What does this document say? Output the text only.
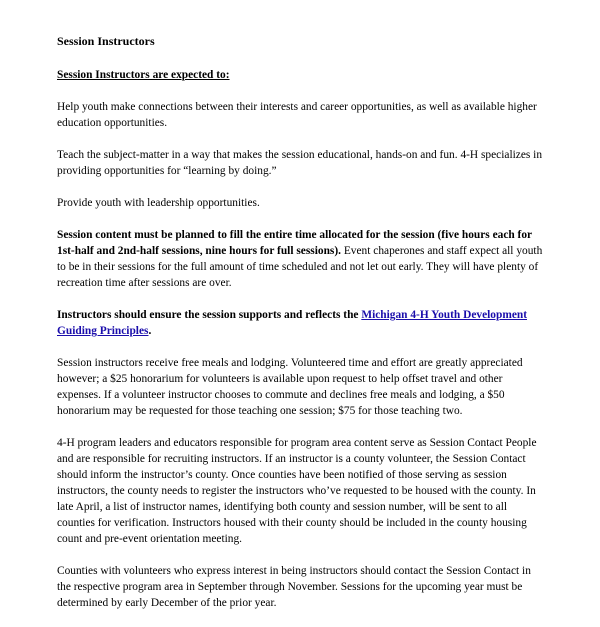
Session Instructors
Session Instructors are expected to:

Help youth make connections between their interests and career opportunities, as well as available higher education opportunities.

Teach the subject-matter in a way that makes the session educational, hands-on and fun. 4-H specializes in providing opportunities for “learning by doing.”

Provide youth with leadership opportunities.

Session content must be planned to fill the entire time allocated for the session (five hours each for 1st-half and 2nd-half sessions, nine hours for full sessions). Event chaperones and staff expect all youth to be in their sessions for the full amount of time scheduled and not let out early. They will have plenty of recreation time after sessions are over.

Instructors should ensure the session supports and reflects the Michigan 4-H Youth Development Guiding Principles.

Session instructors receive free meals and lodging. Volunteered time and effort are greatly appreciated however; a $25 honorarium for volunteers is available upon request to help offset travel and other expenses. If a volunteer instructor chooses to commute and declines free meals and lodging, a $50 honorarium may be requested for those teaching one session; $75 for those teaching two.

4-H program leaders and educators responsible for program area content serve as Session Contact People and are responsible for recruiting instructors. If an instructor is a county volunteer, the Session Contact should inform the instructor’s county. Once counties have been notified of those serving as session instructors, the county needs to register the instructors who’ve requested to be housed with the county. In late April, a list of instructor names, identifying both county and session number, will be sent to all counties for verification. Instructors housed with their county should be included in the county housing count and pre-event orientation meeting.

Counties with volunteers who express interest in being instructors should contact the Session Contact in the respective program area in September through November. Sessions for the upcoming year must be determined by early December of the prior year.
